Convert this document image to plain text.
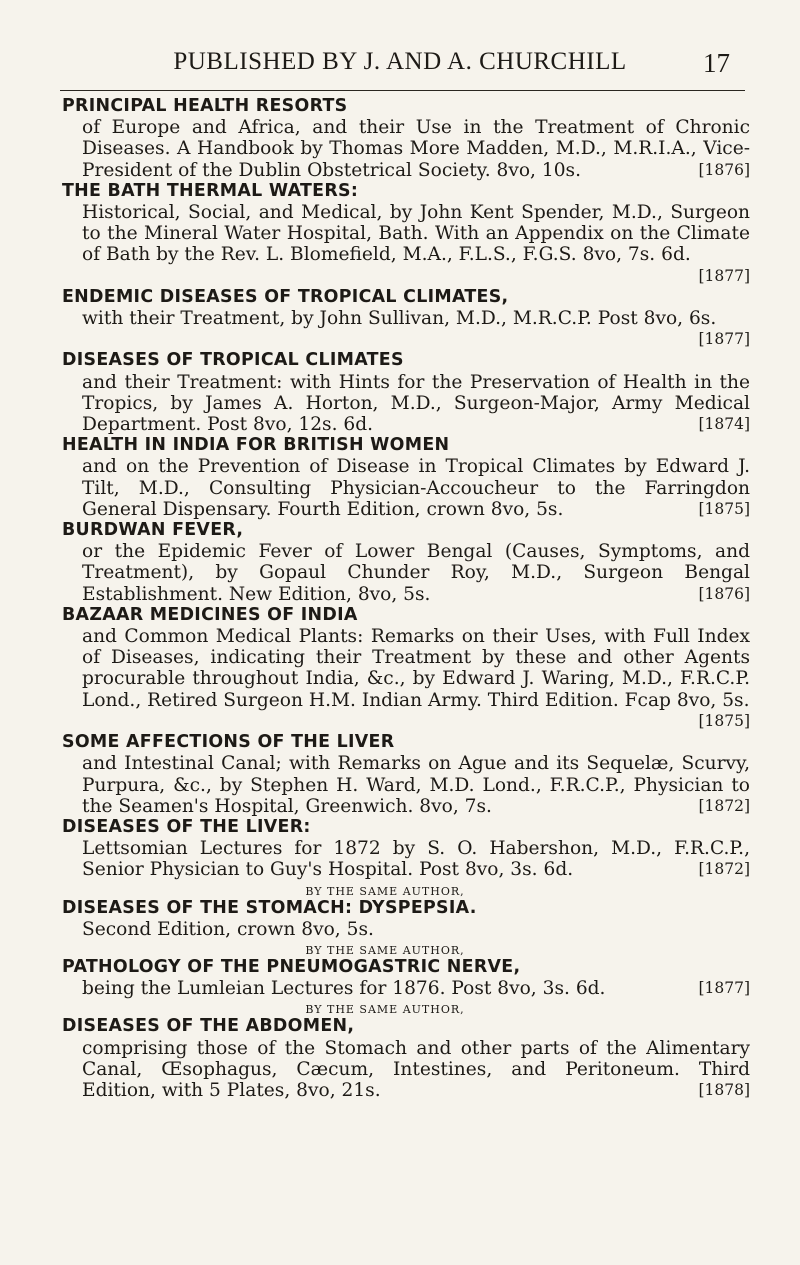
PUBLISHED BY J. AND A. CHURCHILL	17
PRINCIPAL HEALTH RESORTS
of Europe and Africa, and their Use in the Treatment of Chronic Diseases. A Handbook by Thomas More Madden, M.D., M.R.I.A., Vice-President of the Dublin Obstetrical Society. 8vo, 10s.	[1876]
THE BATH THERMAL WATERS:
Historical, Social, and Medical, by John Kent Spender, M.D., Surgeon to the Mineral Water Hospital, Bath. With an Appendix on the Climate of Bath by the Rev. L. Blomefield, M.A., F.L.S., F.G.S. 8vo, 7s. 6d.
[1877]
ENDEMIC DISEASES OF TROPICAL CLIMATES,
with their Treatment, by John Sullivan, M.D., M.R.C.P. Post 8vo, 6s.
[1877]
DISEASES OF TROPICAL CLIMATES
and their Treatment: with Hints for the Preservation of Health in the Tropics, by James A. Horton, M.D., Surgeon-Major, Army Medical Department. Post 8vo, 12s. 6d.	[1874]
HEALTH IN INDIA FOR BRITISH WOMEN
and on the Prevention of Disease in Tropical Climates by Edward J. Tilt, M.D., Consulting Physician-Accoucheur to the Farringdon General Dispensary. Fourth Edition, crown 8vo, 5s.	[1875]
BURDWAN FEVER,
or the Epidemic Fever of Lower Bengal (Causes, Symptoms, and Treatment), by Gopaul Chunder Roy, M.D., Surgeon Bengal Establishment. New Edition, 8vo, 5s.	[1876]
BAZAAR MEDICINES OF INDIA
and Common Medical Plants: Remarks on their Uses, with Full Index of Diseases, indicating their Treatment by these and other Agents procurable throughout India, &c., by Edward J. Waring, M.D., F.R.C.P. Lond., Retired Surgeon H.M. Indian Army. Third Edition. Fcap 8vo, 5s.
[1875]
SOME AFFECTIONS OF THE LIVER
and Intestinal Canal; with Remarks on Ague and its Sequelæ, Scurvy, Purpura, &c., by Stephen H. Ward, M.D. Lond., F.R.C.P., Physician to the Seamen's Hospital, Greenwich. 8vo, 7s.	[1872]
DISEASES OF THE LIVER:
Lettsomian Lectures for 1872 by S. O. Habershon, M.D., F.R.C.P., Senior Physician to Guy's Hospital. Post 8vo, 3s. 6d.	[1872]
BY THE SAME AUTHOR,
DISEASES OF THE STOMACH: DYSPEPSIA.
Second Edition, crown 8vo, 5s.
BY THE SAME AUTHOR,
PATHOLOGY OF THE PNEUMOGASTRIC NERVE,
being the Lumleian Lectures for 1876. Post 8vo, 3s. 6d.	[1877]
BY THE SAME AUTHOR,
DISEASES OF THE ABDOMEN,
comprising those of the Stomach and other parts of the Alimentary Canal, Œsophagus, Cæcum, Intestines, and Peritoneum. Third Edition, with 5 Plates, 8vo, 21s.	[1878]
